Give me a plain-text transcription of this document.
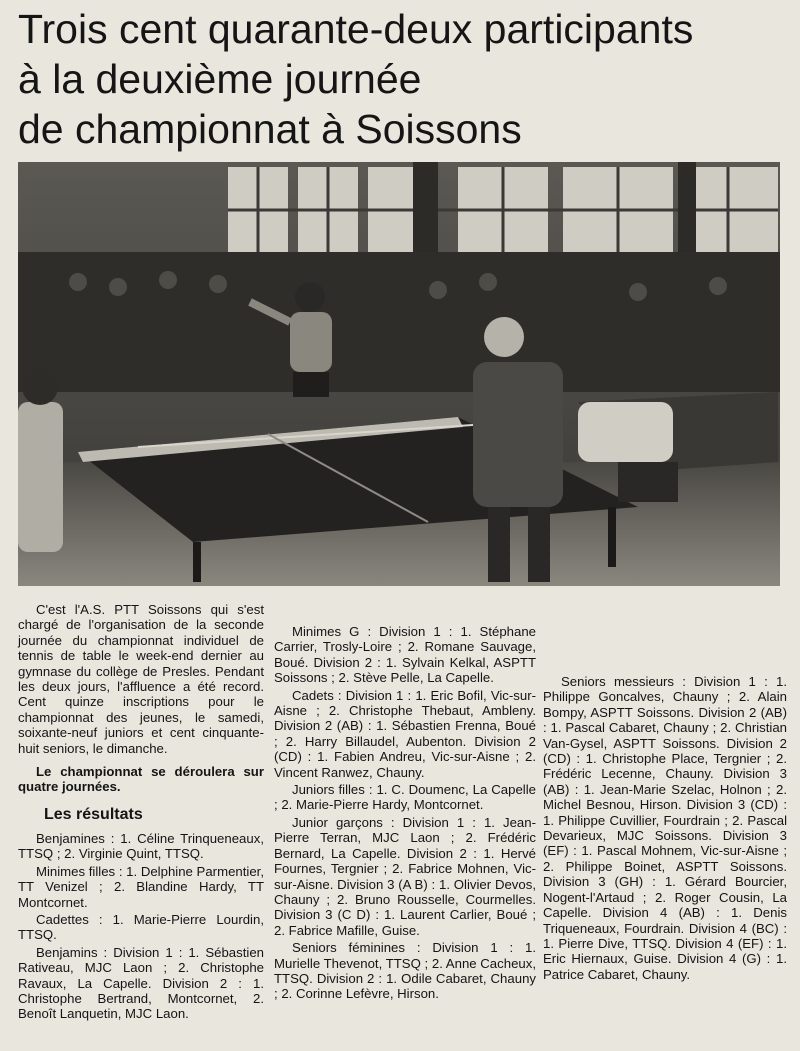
Trois cent quarante-deux participants
à la deuxième journée
de championnat à Soissons

C'est l'A.S. PTT Soissons qui s'est chargé de l'organisation de la seconde journée du championnat individuel de tennis de table le week-end dernier au gymnase du collège de Presles. Pendant les deux jours, l'affluence a été record. Cent quinze inscriptions pour le championnat des jeunes, le samedi, soixante-neuf juniors et cent cinquante-huit seniors, le dimanche.

Le championnat se déroulera sur quatre journées.

Les résultats

Benjamines : 1. Céline Trinqueneaux, TTSQ ; 2. Virginie Quint, TTSQ.

Minimes filles : 1. Delphine Parmentier, TT Venizel ; 2. Blandine Hardy, TT Montcornet.

Cadettes : 1. Marie-Pierre Lourdin, TTSQ.

Benjamins : Division 1 : 1. Sébastien Rativeau, MJC Laon ; 2. Christophe Ravaux, La Capelle. Division 2 : 1. Christophe Bertrand, Montcornet, 2. Benoît Lanquetin, MJC Laon.

Minimes G : Division 1 : 1. Stéphane Carrier, Trosly-Loire ; 2. Romane Sauvage, Boué. Division 2 : 1. Sylvain Kelkal, ASPTT Soissons ; 2. Stève Pelle, La Capelle.

Cadets : Division 1 : 1. Eric Bofil, Vic-sur-Aisne ; 2. Christophe Thebaut, Ambleny. Division 2 (AB) : 1. Sébastien Frenna, Boué ; 2. Harry Billaudel, Aubenton. Division 2 (CD) : 1. Fabien Andreu, Vic-sur-Aisne ; 2. Vincent Ranwez, Chauny.

Juniors filles : 1. C. Doumenc, La Capelle ; 2. Marie-Pierre Hardy, Montcornet.

Junior garçons : Division 1 : 1. Jean-Pierre Terran, MJC Laon ; 2. Frédéric Bernard, La Capelle. Division 2 : 1. Hervé Fournes, Tergnier ; 2. Fabrice Mohnen, Vic-sur-Aisne. Division 3 (A B) : 1. Olivier Devos, Chauny ; 2. Bruno Rousselle, Courmelles. Division 3 (C D) : 1. Laurent Carlier, Boué ; 2. Fabrice Mafille, Guise.

Seniors féminines : Division 1 : 1. Murielle Thevenot, TTSQ ; 2. Anne Cacheux, TTSQ. Division 2 : 1. Odile Cabaret, Chauny ; 2. Corinne Lefèvre, Hirson.

Seniors messieurs : Division 1 : 1. Philippe Goncalves, Chauny ; 2. Alain Bompy, ASPTT Soissons. Division 2 (AB) : 1. Pascal Cabaret, Chauny ; 2. Christian Van-Gysel, ASPTT Soissons. Division 2 (CD) : 1. Christophe Place, Tergnier ; 2. Frédéric Lecenne, Chauny. Division 3 (AB) : 1. Jean-Marie Szelac, Holnon ; 2. Michel Besnou, Hirson. Division 3 (CD) : 1. Philippe Cuvillier, Fourdrain ; 2. Pascal Devarieux, MJC Soissons. Division 3 (EF) : 1. Pascal Mohnem, Vic-sur-Aisne ; 2. Philippe Boinet, ASPTT Soissons. Division 3 (GH) : 1. Gérard Bourcier, Nogent-l'Artaud ; 2. Roger Cousin, La Capelle. Division 4 (AB) : 1. Denis Triqueneaux, Fourdrain. Division 4 (BC) : 1. Pierre Dive, TTSQ. Division 4 (EF) : 1. Eric Hiernaux, Guise. Division 4 (G) : 1. Patrice Cabaret, Chauny.
